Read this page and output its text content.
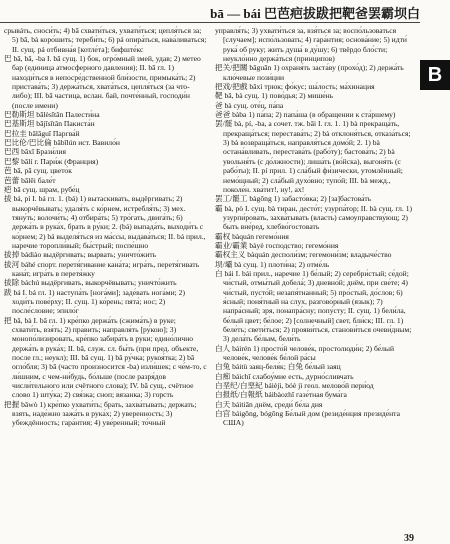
bā — bái 巴芭疤拔跋把靶爸罢霸坝白
B

срывáть, сноси́ть; 4) bā схвати́ться, ухвати́ться; цепля́ться за; 5) bā, bà коро́шить; тереби́ть; 6) pá опира́ться, нава́ливаться; II. сущ. pá отбивна́я [котле́та]; бифште́кс

巴 bā, bā, -ba I. bā сущ. 1) бок, огро́мный змей, удав; 2) метео бар (единица атмосферного давления); II. bā гл. 1) находи́ться в непосре́дственной бли́зости, примыка́ть; 2) пристава́ть; 3) держа́ться, хвата́ться, цепля́ться (за что-либо); III. bā частица, вслан. бай, почте́нный, господи́н (после имени)

巴勒斯坦 bālèsītǎn Палести́на

巴基斯坦 bājīsītǎn Пакиста́н

巴拉圭 bālāguī Паргва́й

巴比伦/巴比倫 bābǐlún ист. Вавило́н

巴西 bāxī Брази́лия

巴黎 bālí г. Пари́ж (Франция)

芭 bā, pā сущ. цвето́к

芭蕾 bālěi бале́т

疤 bā сущ. шрам, рубе́ц

拔 bá, pí I. bá гл. 1. (bá) 1) вытаскивать, выдёргивать; 2) выкорчёвывать; удаля́ть с ко́рнем, истребля́ть; 3) мех. тяну́ть; волочи́ть; 4) отбира́ть; 5) тро́гать, двига́ть; 6) держа́ть в рука́х, брать в ру́ки; 2. (bá) выпада́ть, выходи́ть с ко́рнем; 2) bá выделя́ться из ма́ссы, выдава́ться; II. bá прил., наречие торопли́вый; бы́стрый; поспе́шно

拔掉 bádiào выдёргивать; вырвать; уничто́жить

拔河 báhé спорт. перетя́гивание кана́та; игра́ть, перетя́гивать кана́т, игра́ть в перетя́жку

拔除 báchú выдёргивать, выкорчёвывать; уничто́жить

跋 bá I. bá гл. 1) наступа́ть [нога́ми]; заде́вать нога́ми; 2) ходи́ть пове́рху; II. сущ. 1) ко́рень; пята́; нос; 2) после́словие; эпило́г

把 bǎ, bà I. bǎ гл. 1) кре́пко держа́ть (сжима́ть) в руке; схвати́ть, взя́ть; 2) пра́вить; направля́ть [ру́кою]; 3) монопо́лизировать, кре́пко забира́ть в руки; едино́лично держа́ть в рука́х; II. bǎ, служ. сл. бы́ть (при пред. объекте, после гл.; неукл); III. bǎ сущ. 1) bǎ ру́чка; рукоя́тка; 2) bǎ огло́бля; 3) bǎ (часто произносится -ba) изли́шек; с че́м-то, с ли́шним, с чем-ни́будь, бо́льше (после разря́дов числи́тельного или счётного слова); IV. bǎ сущ., счётное слово 1) шту́ка; 2) свя́зка; сноп; вязанка; 3) горсть

把握 bǎwò 1) кре́пко ухвати́ть; брать, захва́тывать; держать; взять, наде́жно зажа́ть в рука́х; 2) уверенность; 3) убеждённость; гара́нтия; 4) уве́ренный; то́чный

управля́ть; 3) ухвати́ться за, взя́ться за; воспо́льзоваться [случаем]; испо́льзовать; 4) гара́нтия; основа́ние; 5) идти́ рука́ об руку; жить душа́ в ду́шу; 6) твёрдо бло́сти; неукло́нно держа́ться (принципов)

把关/把關 bǎguān 1) охраня́ть заста́ву (прохо́д); 2) держа́ть клю́чевые пози́ции

把戏/把戲 bǎxì трюк; фо́кус; ша́лость; ма́хинация

靶 bǎ, bà сущ. 1) пово́дья; 2) мише́нь

爸 bà сущ. оте́ц, па́па

爸爸 bàba 1) па́па; 2) папа́ша (в обращении к ста́ршему)

罢/罷 bà, pí, -ba, а сочет. тж. bāi I. гл. 1. 1) bà прекраща́ть, прекраща́ться; перестава́ть; 2) bà отклоня́ться, отказа́ться; 3) bà возвраща́ться, направля́ться домо́й; 2. 1) bà остана́вливать, перестава́ть (рабо́ту); бастова́ть; 2) bà увольня́ть (с до́лжности); лиша́ть (во́йска), выгоня́ть (с рабо́ты); II. pí прил. 1) сла́бый фи́зически, утомлённый; немо́щный; 2) сла́бый духо́вно; тупо́й; III. bà межд., поколе́н. хва́тит!, ну!, ах!

罢工/罷工 bàgōng 1) забасто́вка; 2) [за]бастова́ть

霸 bà, pò I. сущ. bà тиран, десто́т; узурпа́тор; II. bà сущ. гл. 1) узурпи́ровать, захва́тывать (власть) самоуправству́ющ; 2) быть вне́ред, хлебво́гостовать

霸权 bàquán гегемо́ния

霸业/霸業 bàyè господство; гегемо́ния

霸权主义 bàquán десполи́зм; гегемони́зм; владыче́ство

坝/壩 bà сущ. 1) плоти́на; 2) отме́ль

白 bái I. bái прил., наречие 1) бе́лый; 2) серебри́стый; се́дой; чи́стый, отмы́тый добела́; 3) дневно́й; днём, при све́те; 4) чи́стый, пусто́й; незапя́тнанный; 5) про́стый, до́слов; 6) я́сный; поня́тный на слух, разгово́рный (язык); 7) напра́сный; зря, понапра́сну; попу́сту; II. сущ. 1) бели́ла, бе́лый цвет; бе́лое; 2) [солнечный] свет, бли́ск; III. гл. 1) беле́ть; свети́ться; 2) прояви́ться, станови́ться очеви́дным; 3) дела́ть бе́лым, бели́ть

白人 báirén 1) просто́й челове́к, простолюди́н; 2) бе́лый челове́к, челове́к бе́лой ра́сы

白兔 báitù заяц-беля́к; 白兔 бе́лый заяц

白痴 báichī слабоу́мие есть, дурно́сливчать

白垩纪/白堊紀 báièjì, bóè jì геол. мелово́й пери́од

白报纸/白報紙 báibàozhǐ газе́тная бума́га

白天 báitiān днём, среди́ бе́ла дня

白宫 báigōng, bógōng Бе́лый дом (резиде́нция президе́нта США)

39
